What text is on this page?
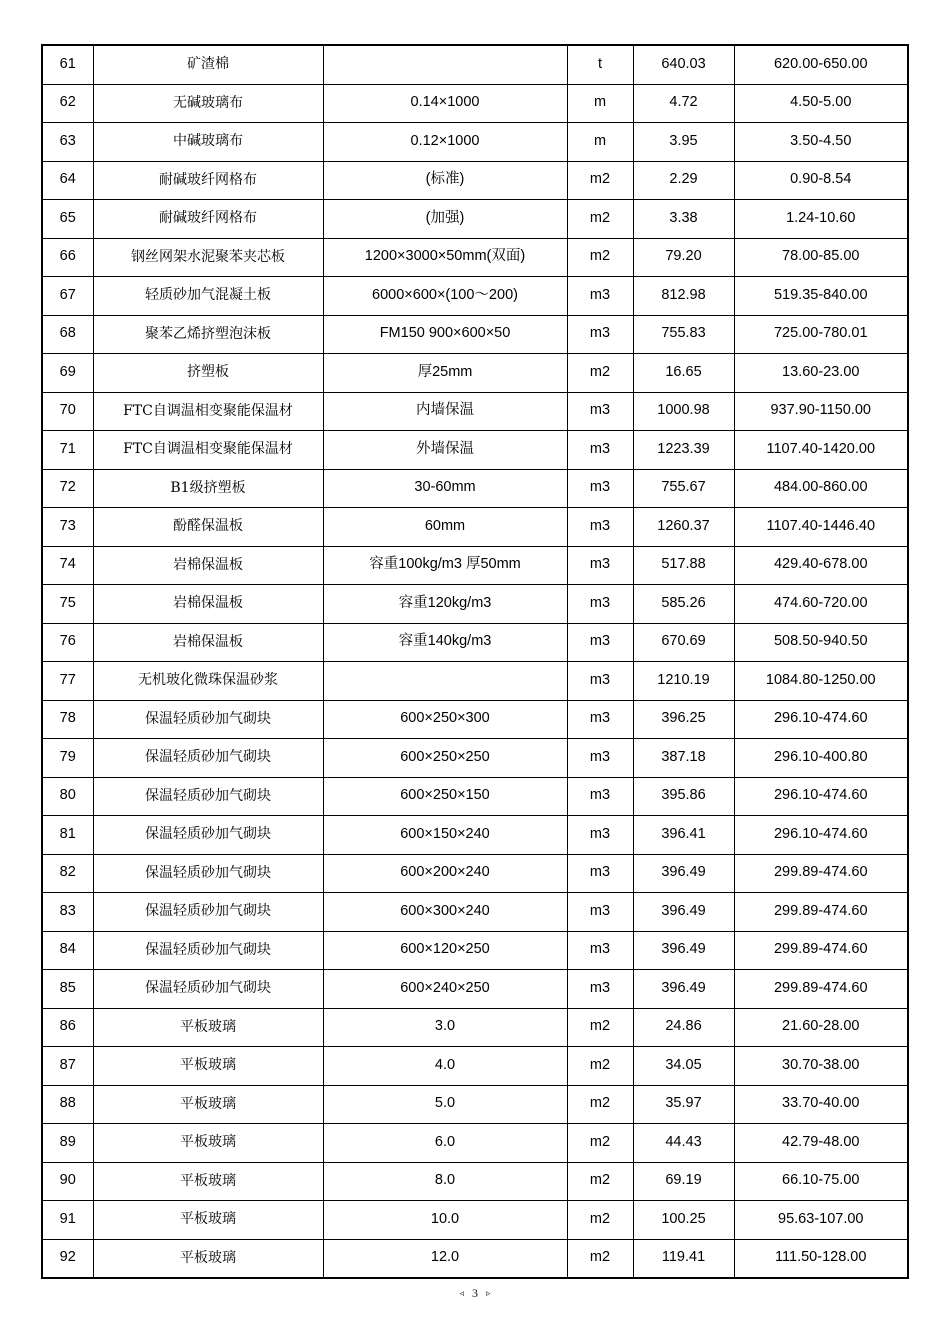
61	矿渣棉		t	640.03	620.00-650.00
62	无碱玻璃布	0.14×1000	m	4.72	4.50-5.00
63	中碱玻璃布	0.12×1000	m	3.95	3.50-4.50
64	耐碱玻纤网格布	(标准)	m2	2.29	0.90-8.54
65	耐碱玻纤网格布	(加强)	m2	3.38	1.24-10.60
66	钢丝网架水泥聚苯夹芯板	1200×3000×50mm(双面)	m2	79.20	78.00-85.00
67	轻质砂加气混凝土板	6000×600×(100～200)	m3	812.98	519.35-840.00
68	聚苯乙烯挤塑泡沫板	FM150 900×600×50	m3	755.83	725.00-780.01
69	挤塑板	厚25mm	m2	16.65	13.60-23.00
70	FTC自调温相变聚能保温材	内墙保温	m3	1000.98	937.90-1150.00
71	FTC自调温相变聚能保温材	外墙保温	m3	1223.39	1107.40-1420.00
72	B1级挤塑板	30-60mm	m3	755.67	484.00-860.00
73	酚醛保温板	60mm	m3	1260.37	1107.40-1446.40
74	岩棉保温板	容重100kg/m3 厚50mm	m3	517.88	429.40-678.00
75	岩棉保温板	容重120kg/m3	m3	585.26	474.60-720.00
76	岩棉保温板	容重140kg/m3	m3	670.69	508.50-940.50
77	无机玻化微珠保温砂浆		m3	1210.19	1084.80-1250.00
78	保温轻质砂加气砌块	600×250×300	m3	396.25	296.10-474.60
79	保温轻质砂加气砌块	600×250×250	m3	387.18	296.10-400.80
80	保温轻质砂加气砌块	600×250×150	m3	395.86	296.10-474.60
81	保温轻质砂加气砌块	600×150×240	m3	396.41	296.10-474.60
82	保温轻质砂加气砌块	600×200×240	m3	396.49	299.89-474.60
83	保温轻质砂加气砌块	600×300×240	m3	396.49	299.89-474.60
84	保温轻质砂加气砌块	600×120×250	m3	396.49	299.89-474.60
85	保温轻质砂加气砌块	600×240×250	m3	396.49	299.89-474.60
86	平板玻璃	3.0	m2	24.86	21.60-28.00
87	平板玻璃	4.0	m2	34.05	30.70-38.00
88	平板玻璃	5.0	m2	35.97	33.70-40.00
89	平板玻璃	6.0	m2	44.43	42.79-48.00
90	平板玻璃	8.0	m2	69.19	66.10-75.00
91	平板玻璃	10.0	m2	100.25	95.63-107.00
92	平板玻璃	12.0	m2	119.41	111.50-128.00
◃ 3 ▹
